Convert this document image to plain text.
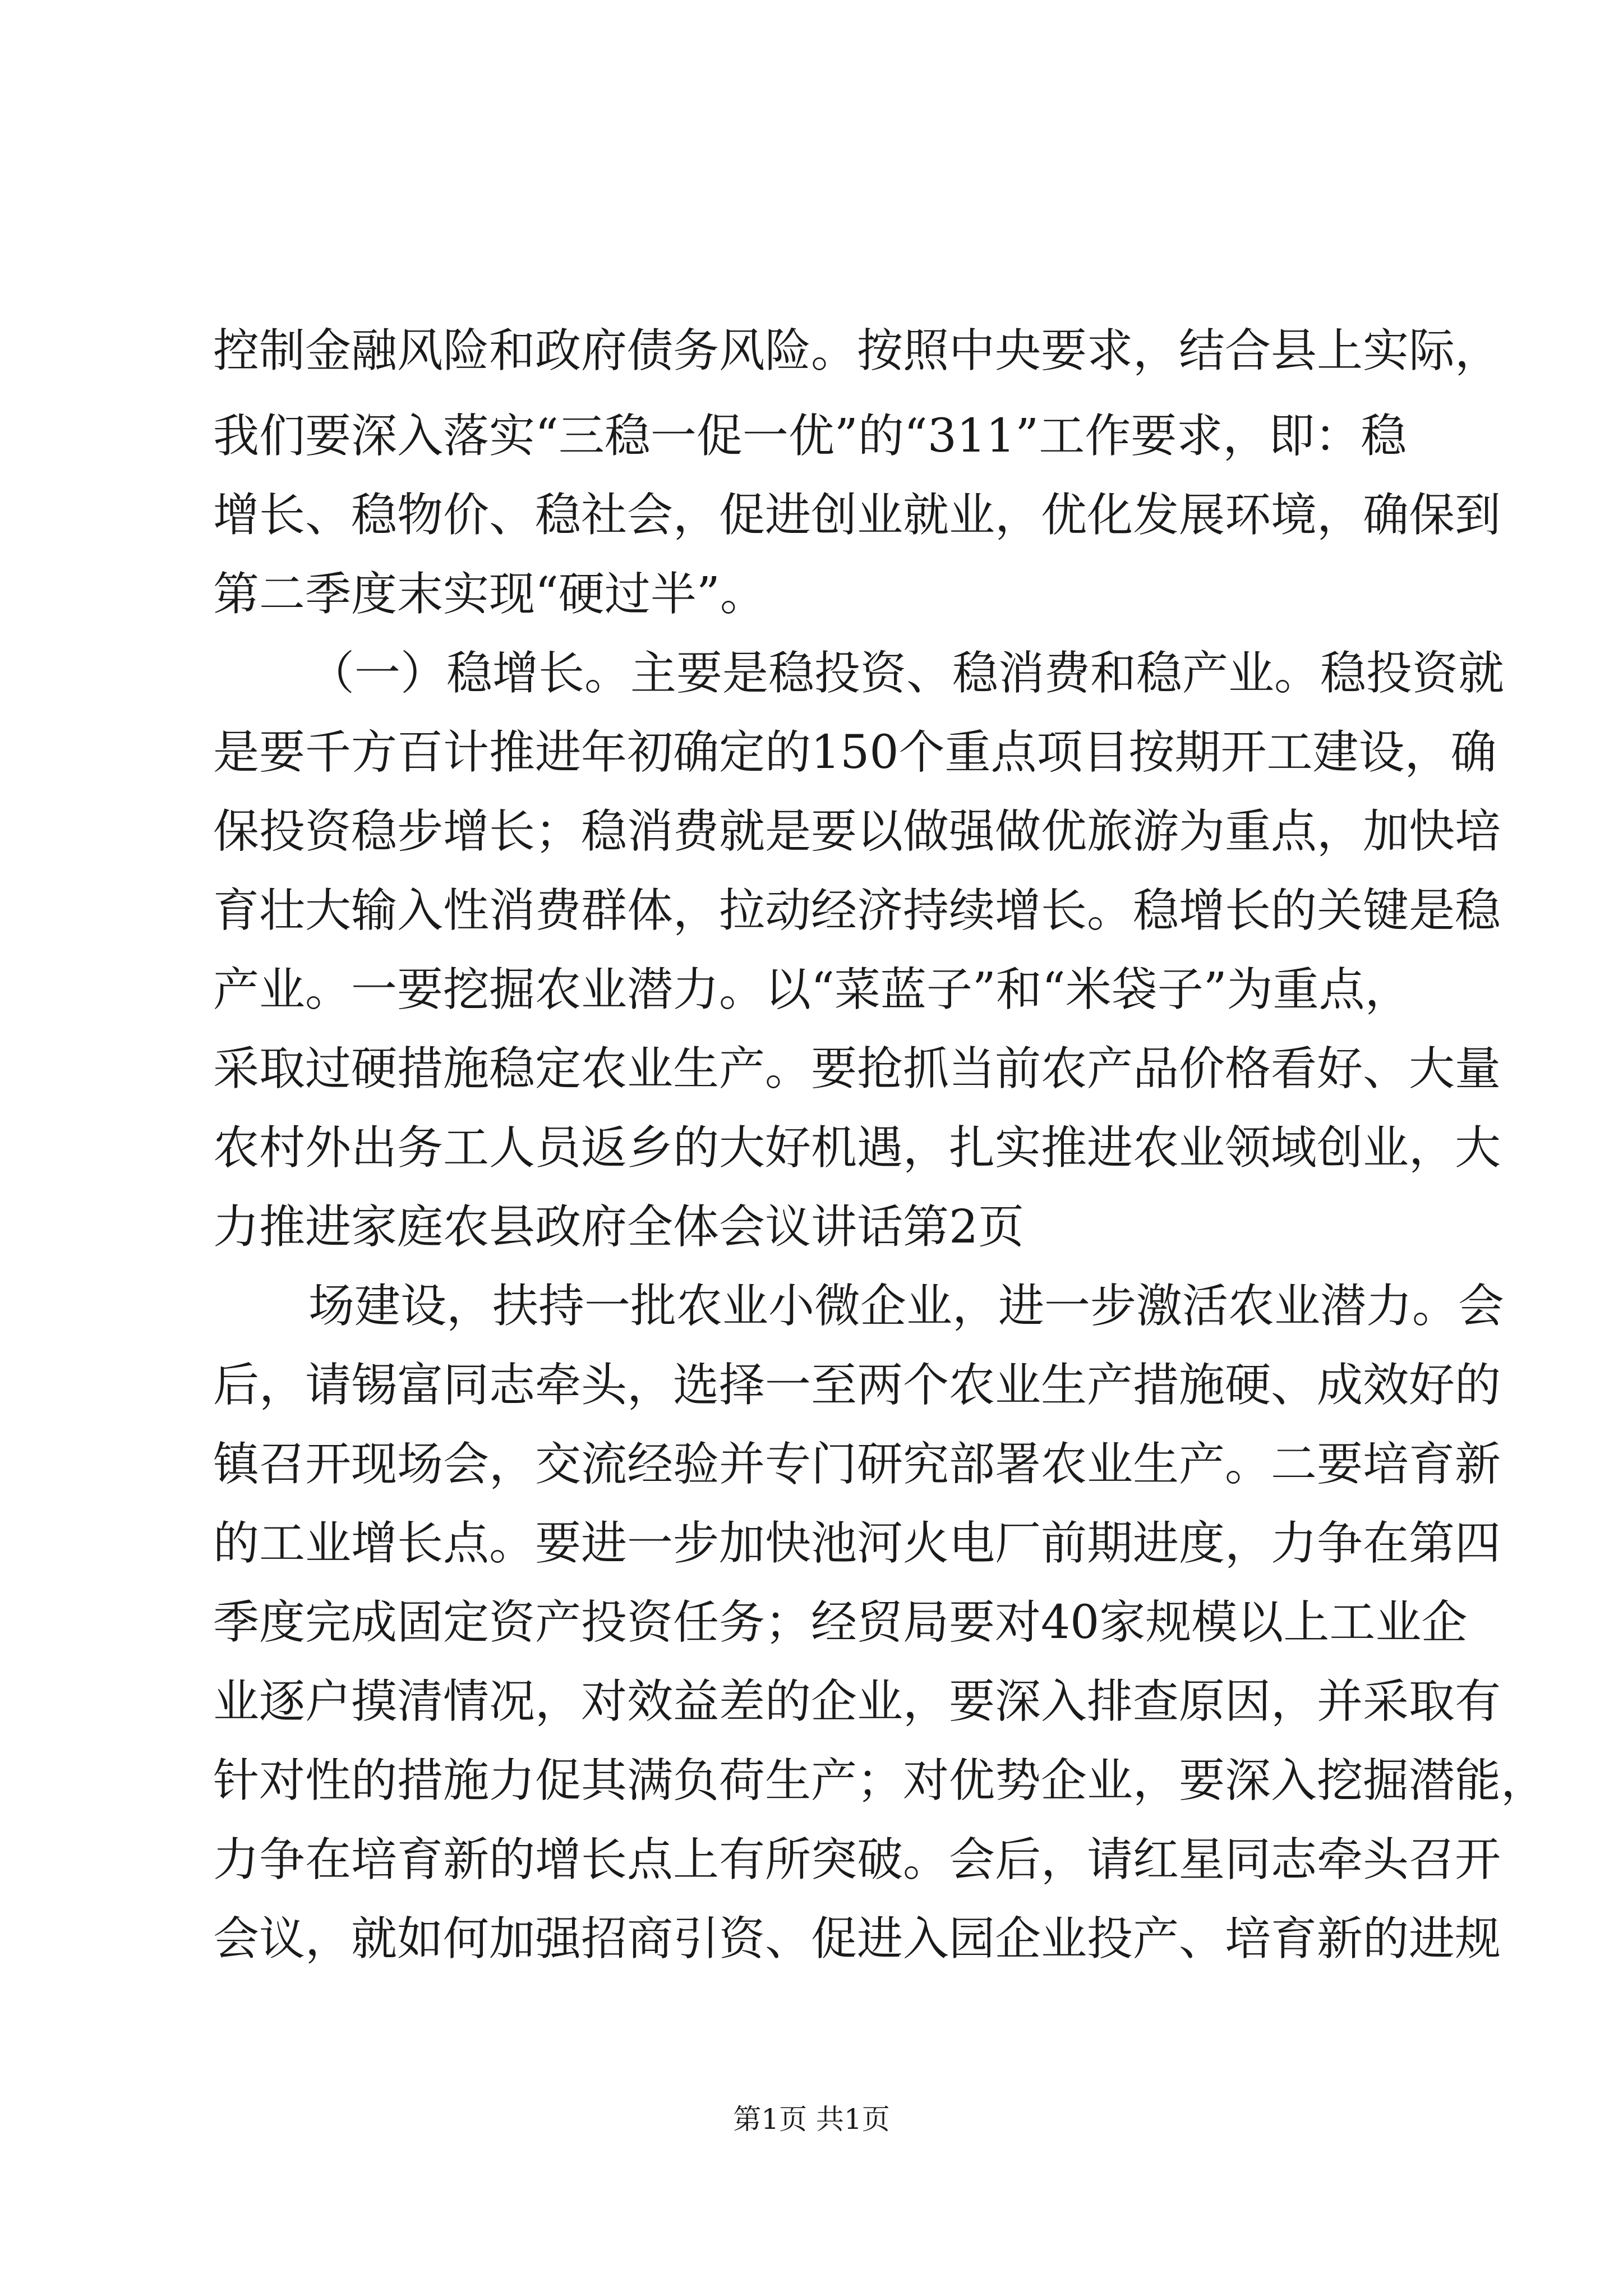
控制金融风险和政府债务风险。按照中央要求，结合县上实际，
我们要深入落实“三稳一促一优”的“311”工作要求，即：稳
增长、稳物价、稳社会，促进创业就业，优化发展环境，确保到
第二季度末实现“硬过半”。
（一）稳增长。主要是稳投资、稳消费和稳产业。稳投资就
是要千方百计推进年初确定的150个重点项目按期开工建设，确
保投资稳步增长；稳消费就是要以做强做优旅游为重点，加快培
育壮大输入性消费群体，拉动经济持续增长。稳增长的关键是稳
产业。一要挖掘农业潜力。以“菜蓝子”和“米袋子”为重点，
采取过硬措施稳定农业生产。要抢抓当前农产品价格看好、大量
农村外出务工人员返乡的大好机遇，扎实推进农业领域创业，大
力推进家庭农县政府全体会议讲话第2页
场建设，扶持一批农业小微企业，进一步激活农业潜力。会
后，请锡富同志牵头，选择一至两个农业生产措施硬、成效好的
镇召开现场会，交流经验并专门研究部署农业生产。二要培育新
的工业增长点。要进一步加快池河火电厂前期进度，力争在第四
季度完成固定资产投资任务；经贸局要对40家规模以上工业企
业逐户摸清情况，对效益差的企业，要深入排查原因，并采取有
针对性的措施力促其满负荷生产；对优势企业，要深入挖掘潜能，
力争在培育新的增长点上有所突破。会后，请红星同志牵头召开
会议，就如何加强招商引资、促进入园企业投产、培育新的进规
第1页 共1页
